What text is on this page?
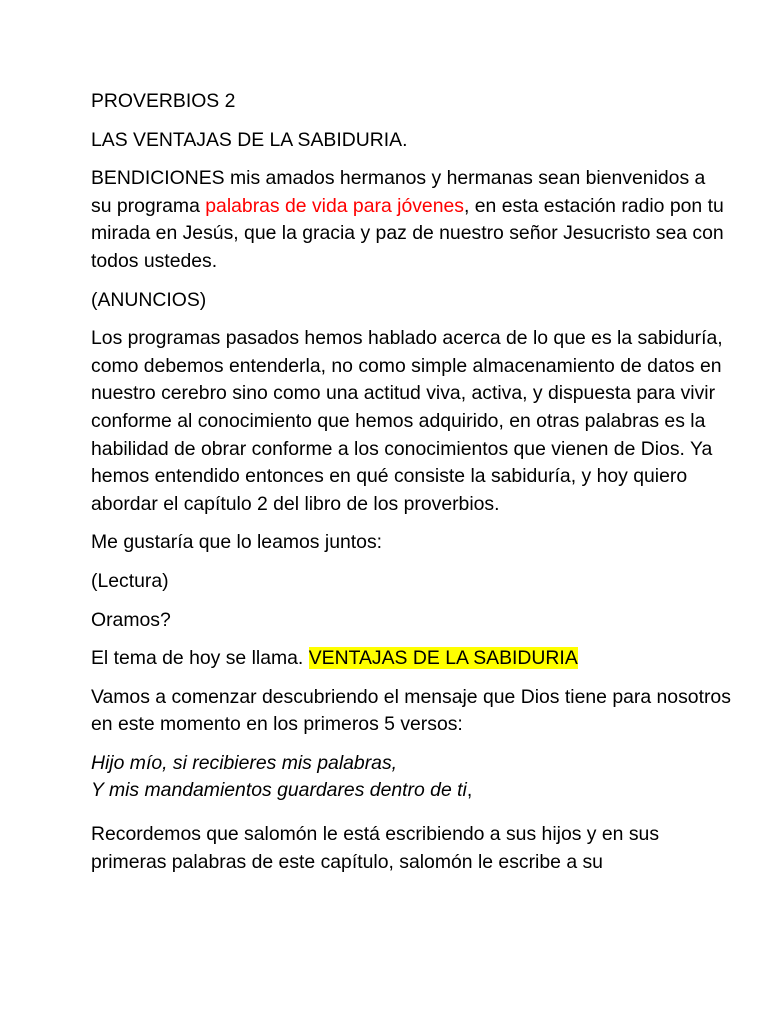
PROVERBIOS 2

LAS VENTAJAS DE LA SABIDURIA.

BENDICIONES mis amados hermanos y hermanas sean bienvenidos a su programa palabras de vida para jóvenes, en esta estación radio pon tu mirada en Jesús, que la gracia y paz de nuestro señor Jesucristo sea con todos ustedes.

(ANUNCIOS)

Los programas pasados hemos hablado acerca de lo que es la sabiduría, como debemos entenderla, no como simple almacenamiento de datos en nuestro cerebro sino como una actitud viva, activa, y dispuesta para vivir conforme al conocimiento que hemos adquirido, en otras palabras es la habilidad de obrar conforme a los conocimientos que vienen de Dios. Ya hemos entendido entonces en qué consiste la sabiduría, y hoy quiero abordar el capítulo 2 del libro de los proverbios.

Me gustaría que lo leamos juntos:

(Lectura)

Oramos?

El tema de hoy se llama. VENTAJAS DE LA SABIDURIA

Vamos a comenzar descubriendo el mensaje que Dios tiene para nosotros en este momento en los primeros 5 versos:

Hijo mío, si recibieres mis palabras,
Y mis mandamientos guardares dentro de ti,

Recordemos que salomón le está escribiendo a sus hijos y en sus primeras palabras de este capítulo, salomón le escribe a su
